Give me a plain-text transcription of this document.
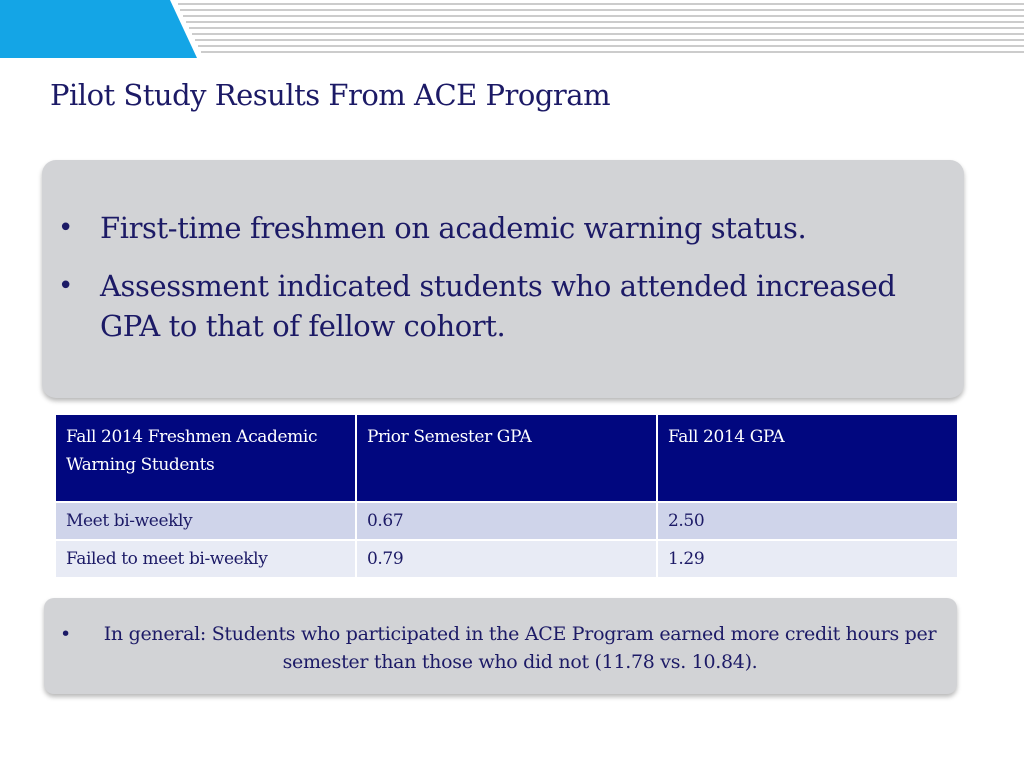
Pilot Study Results From ACE Program
• First-time freshmen on academic warning status.
• Assessment indicated students who attended increased GPA to that of fellow cohort.
Fall 2014 Freshmen Academic Warning Students	Prior Semester GPA	Fall 2014 GPA
Meet bi-weekly	0.67	2.50
Failed to meet bi-weekly	0.79	1.29
•	In general: Students who participated in the ACE Program earned more credit hours per semester than those who did not (11.78 vs. 10.84).
